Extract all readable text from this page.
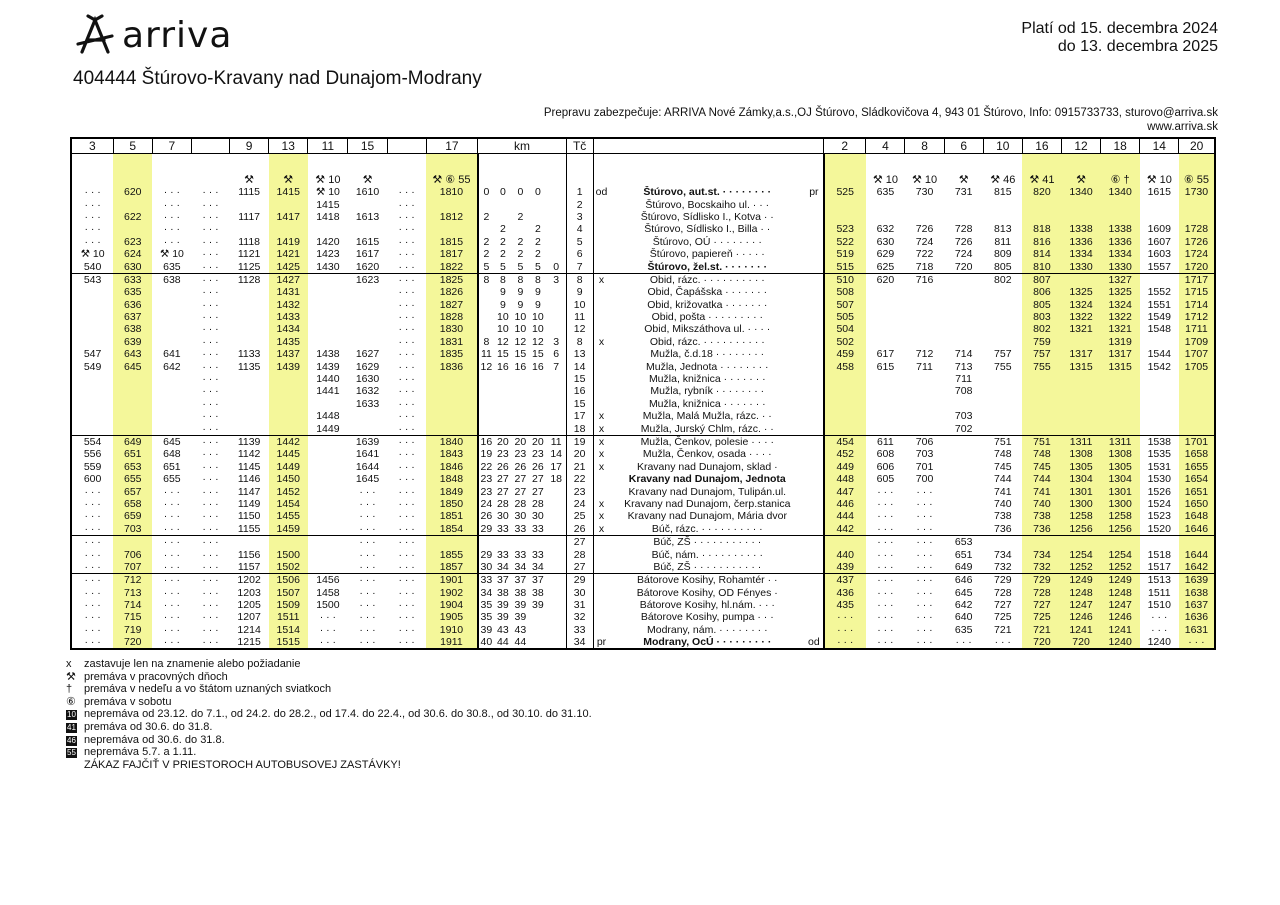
arriva	Platí od 15. decembra 2024
do 13. decembra 2025
404444 Štúrovo-Kravany nad Dunajom-Modrany
Prepravu zabezpečuje: ARRIVA Nové Zámky,a.s.,OJ Štúrovo, Sládkovičova 4, 943 01 Štúrovo, Info: 0915733733, sturovo@arriva.sk
www.arriva.sk
3	5	7		9	13	11	15		17	km					Tč				2	4	8	6	10	16	12	18	14	20
				⚒	⚒	⚒ 10	⚒		⚒ ⑥ 55											⚒ 10	⚒ 10	⚒	⚒ 46	⚒ 41	⚒	⑥ †	⚒ 10	⑥ 55
· · ·	620	· · ·	· · ·	1115	1415	⚒ 10	1610	· · ·	1810	0	0	0	0		1	od	Štúrovo, aut.st. · · · · · · · ·	pr	525	635	730	731	815	820	1340	1340	1615	1730
· · ·		· · ·	· · ·			1415		· · ·							2		Štúrovo, Bocskaiho ul. · · ·											
· · ·	622	· · ·	· · ·	1117	1417	1418	1613	· · ·	1812	2		2			3		Štúrovo, Sídlisko I., Kotva · ·											
· · ·		· · ·	· · ·					· · ·			2		2		4		Štúrovo, Sídlisko I., Billa · ·		523	632	726	728	813	818	1338	1338	1609	1728
· · ·	623	· · ·	· · ·	1118	1419	1420	1615	· · ·	1815	2	2	2	2		5		Štúrovo, OÚ · · · · · · · ·		522	630	724	726	811	816	1336	1336	1607	1726
⚒ 10	624	⚒ 10	· · ·	1121	1421	1423	1617	· · ·	1817	2	2	2	2		6		Štúrovo, papiereň · · · · ·		519	629	722	724	809	814	1334	1334	1603	1724
540	630	635	· · ·	1125	1425	1430	1620	· · ·	1822	5	5	5	5	0	7		Štúrovo, žel.st. · · · · · · ·		515	625	718	720	805	810	1330	1330	1557	1720
543	633	638	· · ·	1128	1427		1623	· · ·	1825	8	8	8	8	3	8	x	Obid, rázc. · · · · · · · · · ·		510	620	716		802	807		1327		1717
	635		· · ·		1431			· · ·	1826		9	9	9		9		Obid, Čapášska · · · · · · ·		508					806	1325	1325	1552	1715
	636		· · ·		1432			· · ·	1827		9	9	9		10		Obid, križovatka · · · · · · ·		507					805	1324	1324	1551	1714
	637		· · ·		1433			· · ·	1828		10	10	10		11		Obid, pošta · · · · · · · · ·		505					803	1322	1322	1549	1712
	638		· · ·		1434			· · ·	1830		10	10	10		12		Obid, Mikszáthova ul. · · · ·		504					802	1321	1321	1548	1711
	639		· · ·		1435			· · ·	1831	8	12	12	12	3	8	x	Obid, rázc. · · · · · · · · · ·		502					759		1319		1709
547	643	641	· · ·	1133	1437	1438	1627	· · ·	1835	11	15	15	15	6	13		Mužla, č.d.18 · · · · · · · ·		459	617	712	714	757	757	1317	1317	1544	1707
549	645	642	· · ·	1135	1439	1439	1629	· · ·	1836	12	16	16	16	7	14		Mužla, Jednota · · · · · · · ·		458	615	711	713	755	755	1315	1315	1542	1705
			· · ·			1440	1630	· · ·							15		Mužla, knižnica · · · · · · ·					711						
			· · ·			1441	1632	· · ·							16		Mužla, rybník · · · · · · · ·					708						
			· · ·				1633	· · ·							15		Mužla, knižnica · · · · · · ·											
			· · ·			1448		· · ·							17	x	Mužla, Malá Mužla, rázc. · ·					703						
			· · ·			1449		· · ·							18	x	Mužla, Jurský Chlm, rázc. · ·					702						
554	649	645	· · ·	1139	1442		1639	· · ·	1840	16	20	20	20	11	19	x	Mužla, Čenkov, polesie · · · ·		454	611	706		751	751	1311	1311	1538	1701
556	651	648	· · ·	1142	1445		1641	· · ·	1843	19	23	23	23	14	20	x	Mužla, Čenkov, osada · · · ·		452	608	703		748	748	1308	1308	1535	1658
559	653	651	· · ·	1145	1449		1644	· · ·	1846	22	26	26	26	17	21	x	Kravany nad Dunajom, sklad ·		449	606	701		745	745	1305	1305	1531	1655
600	655	655	· · ·	1146	1450		1645	· · ·	1848	23	27	27	27	18	22		Kravany nad Dunajom, Jednota		448	605	700		744	744	1304	1304	1530	1654
· · ·	657	· · ·	· · ·	1147	1452		· · ·	· · ·	1849	23	27	27	27		23		Kravany nad Dunajom, Tulipán.ul.		447	· · ·	· · ·		741	741	1301	1301	1526	1651
· · ·	658	· · ·	· · ·	1149	1454		· · ·	· · ·	1850	24	28	28	28		24	x	Kravany nad Dunajom, čerp.stanica		446	· · ·	· · ·		740	740	1300	1300	1524	1650
· · ·	659	· · ·	· · ·	1150	1455		· · ·	· · ·	1851	26	30	30	30		25	x	Kravany nad Dunajom, Mária dvor		444	· · ·	· · ·		738	738	1258	1258	1523	1648
· · ·	703	· · ·	· · ·	1155	1459		· · ·	· · ·	1854	29	33	33	33		26	x	Búč, rázc. · · · · · · · · · ·		442	· · ·	· · ·		736	736	1256	1256	1520	1646
· · ·		· · ·	· · ·				· · ·	· · ·							27		Búč, ZŠ · · · · · · · · · · ·			· · ·	· · ·	653						
· · ·	706	· · ·	· · ·	1156	1500		· · ·	· · ·	1855	29	33	33	33		28		Búč, nám. · · · · · · · · · ·		440	· · ·	· · ·	651	734	734	1254	1254	1518	1644
· · ·	707	· · ·	· · ·	1157	1502		· · ·	· · ·	1857	30	34	34	34		27		Búč, ZŠ · · · · · · · · · · ·		439	· · ·	· · ·	649	732	732	1252	1252	1517	1642
· · ·	712	· · ·	· · ·	1202	1506	1456	· · ·	· · ·	1901	33	37	37	37		29		Bátorove Kosihy, Rohamtér · ·		437	· · ·	· · ·	646	729	729	1249	1249	1513	1639
· · ·	713	· · ·	· · ·	1203	1507	1458	· · ·	· · ·	1902	34	38	38	38		30		Bátorove Kosihy, OD Fényes ·		436	· · ·	· · ·	645	728	728	1248	1248	1511	1638
· · ·	714	· · ·	· · ·	1205	1509	1500	· · ·	· · ·	1904	35	39	39	39		31		Bátorove Kosihy, hl.nám. · · ·		435	· · ·	· · ·	642	727	727	1247	1247	1510	1637
· · ·	715	· · ·	· · ·	1207	1511	· · ·	· · ·	· · ·	1905	35	39	39			32		Bátorove Kosihy, pumpa · · ·		· · ·	· · ·	· · ·	640	725	725	1246	1246	· · ·	1636
· · ·	719	· · ·	· · ·	1214	1514	· · ·	· · ·	· · ·	1910	39	43	43			33		Modrany, nám. · · · · · · · ·		· · ·	· · ·	· · ·	635	721	721	1241	1241	· · ·	1631
· · ·	720	· · ·	· · ·	1215	1515	· · ·	· · ·	· · ·	1911	40	44	44			34	pr	Modrany, OcÚ · · · · · · · · ·	od	· · ·	· · ·	· · ·	· · ·	· · ·	720	720	1240	1240	· · ·
x zastavuje len na znamenie alebo požiadanie
⚒ premáva v pracovných dňoch
† premáva v nedeľu a vo štátom uznaných sviatkoch
⑥ premáva v sobotu
10 nepremáva od 23.12. do 7.1., od 24.2. do 28.2., od 17.4. do 22.4., od 30.6. do 30.8., od 30.10. do 31.10.
41 premáva od 30.6. do 31.8.
46 nepremáva od 30.6. do 31.8.
55 nepremáva 5.7. a 1.11.
ZÁKAZ FAJČIŤ V PRIESTOROCH AUTOBUSOVEJ ZASTÁVKY!
